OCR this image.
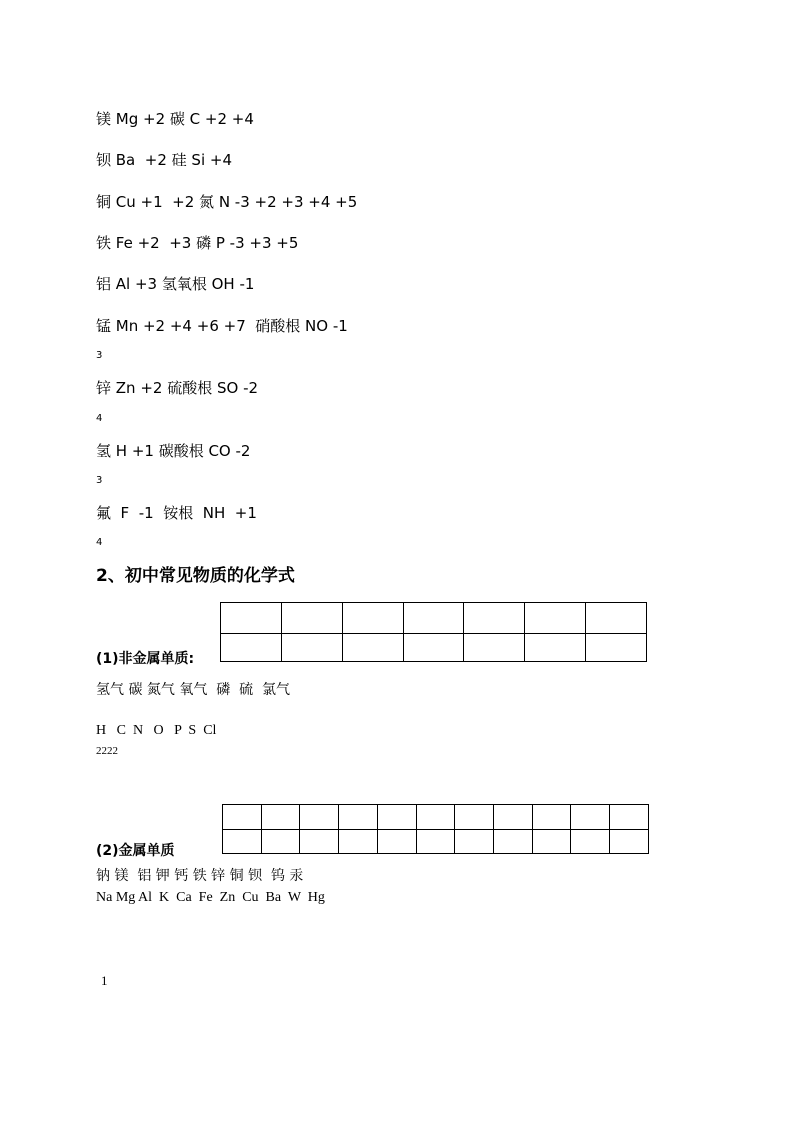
镁 Mg +2 碳 C +2 +4
钡 Ba  +2 硅 Si +4
铜 Cu +1  +2 氮 N -3 +2 +3 +4 +5
铁 Fe +2  +3 磷 P -3 +3 +5
铝 Al +3 氢氧根 OH -1
锰 Mn +2 +4 +6 +7  硝酸根 NO -1
3
锌 Zn +2 硫酸根 SO -2
4
氢 H +1 碳酸根 CO -2
3
氟  F  -1  铵根  NH  +1
4
2、初中常见物质的化学式

(1)非金属单质:
氢气 碳 氮气 氧气  磷  硫  氯气
H   C  N   O   P  S  Cl
2222

(2)金属单质
钠 镁  铝 钾 钙 铁 锌 铜 钡  钨 汞
Na Mg Al  K  Ca  Fe  Zn  Cu  Ba  W  Hg
1
